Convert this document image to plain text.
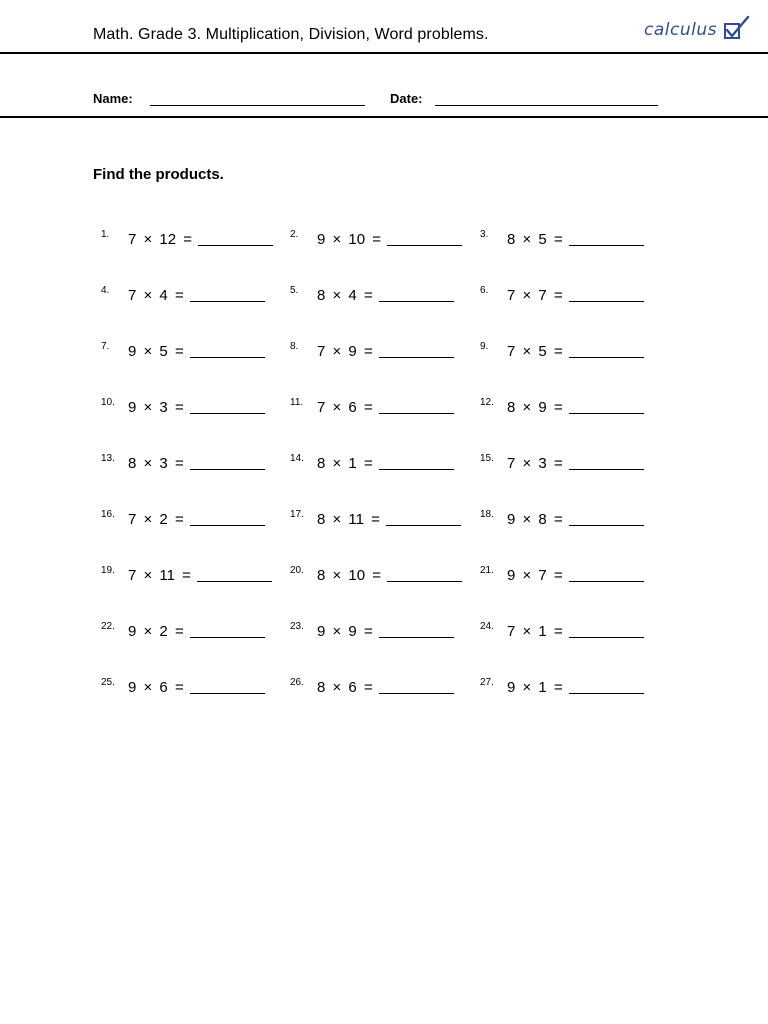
Math. Grade 3. Multiplication, Division, Word problems.	calculus
Name:	Date:
Find the products.
1. 7 × 12 =	2. 9 × 10 =	3. 8 × 5 =
4. 7 × 4 =	5. 8 × 4 =	6. 7 × 7 =
7. 9 × 5 =	8. 7 × 9 =	9. 7 × 5 =
10. 9 × 3 =	11. 7 × 6 =	12. 8 × 9 =
13. 8 × 3 =	14. 8 × 1 =	15. 7 × 3 =
16. 7 × 2 =	17. 8 × 11 =	18. 9 × 8 =
19. 7 × 11 =	20. 8 × 10 =	21. 9 × 7 =
22. 9 × 2 =	23. 9 × 9 =	24. 7 × 1 =
25. 9 × 6 =	26. 8 × 6 =	27. 9 × 1 =
